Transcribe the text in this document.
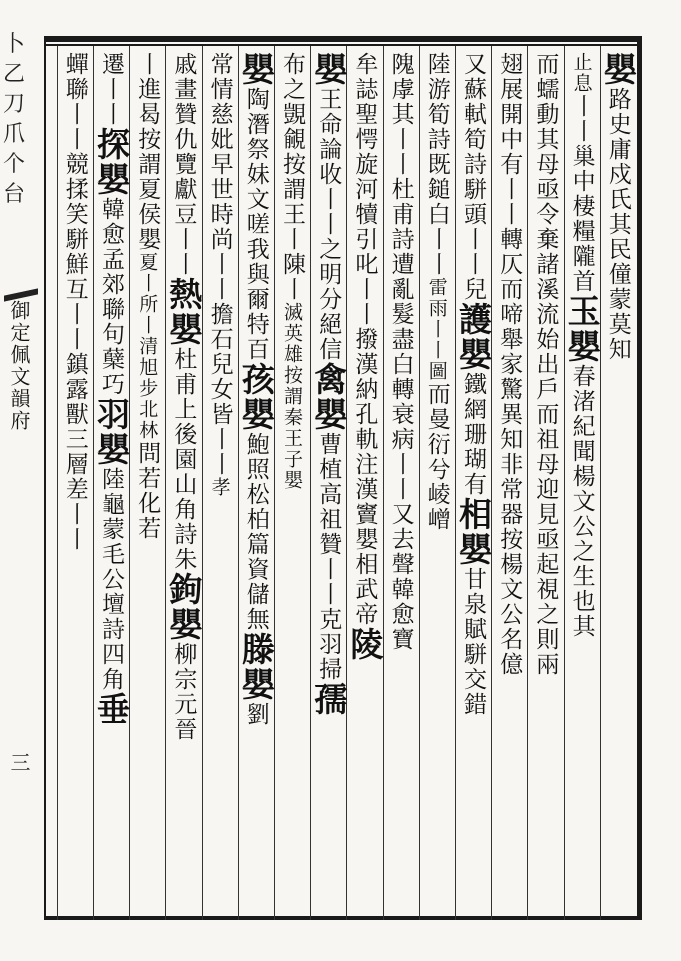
卜
乙
刀
爪
个
台
御定佩文韻府
三
嬰路史庸戍氏其民僮蒙莫知
止息丨丨巢中棲糧隴首玉嬰春渚紀聞楊文公之生也其
而蠕動其母亟令棄諸溪流始出戶而祖母迎見亟起視之則兩
翅展開中有丨丨轉仄而啼舉家驚異知非常器按楊文公名億
又蘇軾筍詩駢頭丨丨兒護嬰鐵網珊瑚有相嬰甘泉賦駢交錯
陸游筍詩既鎚白丨丨雷雨丨丨圖而曼衍兮崚嶒
隗虖其丨丨杜甫詩遭亂髮盡白轉衰病丨丨又去聲韓愈寶
牟誌聖愕旋河犢引叱丨丨撥漢納孔軌注漢竇嬰相武帝陵
嬰王命論收丨丨之明分絕信禽嬰曹植高祖贊丨丨克羽掃孺
布之覬覦按謂王丨陳丨滅英雄按謂秦王子嬰
嬰陶潛祭妹文嗟我與爾特百孩嬰鮑照松柏篇資儲無滕嬰劉
常情慈妣早世時尚丨丨擔石兒女皆丨丨孝
戚畫贊仇覽獻豆丨丨熱嬰杜甫上後園山角詩朱鉤嬰柳宗元晉
丨進曷按謂夏侯嬰夏丨所丨清旭步北林問若化若
遷丨丨探嬰韓愈孟郊聯句蘖巧羽嬰陸龜蒙毛公壇詩四角垂
蟬聯丨丨競揉笑駢鮮互丨丨鎮露獸三層差丨丨
